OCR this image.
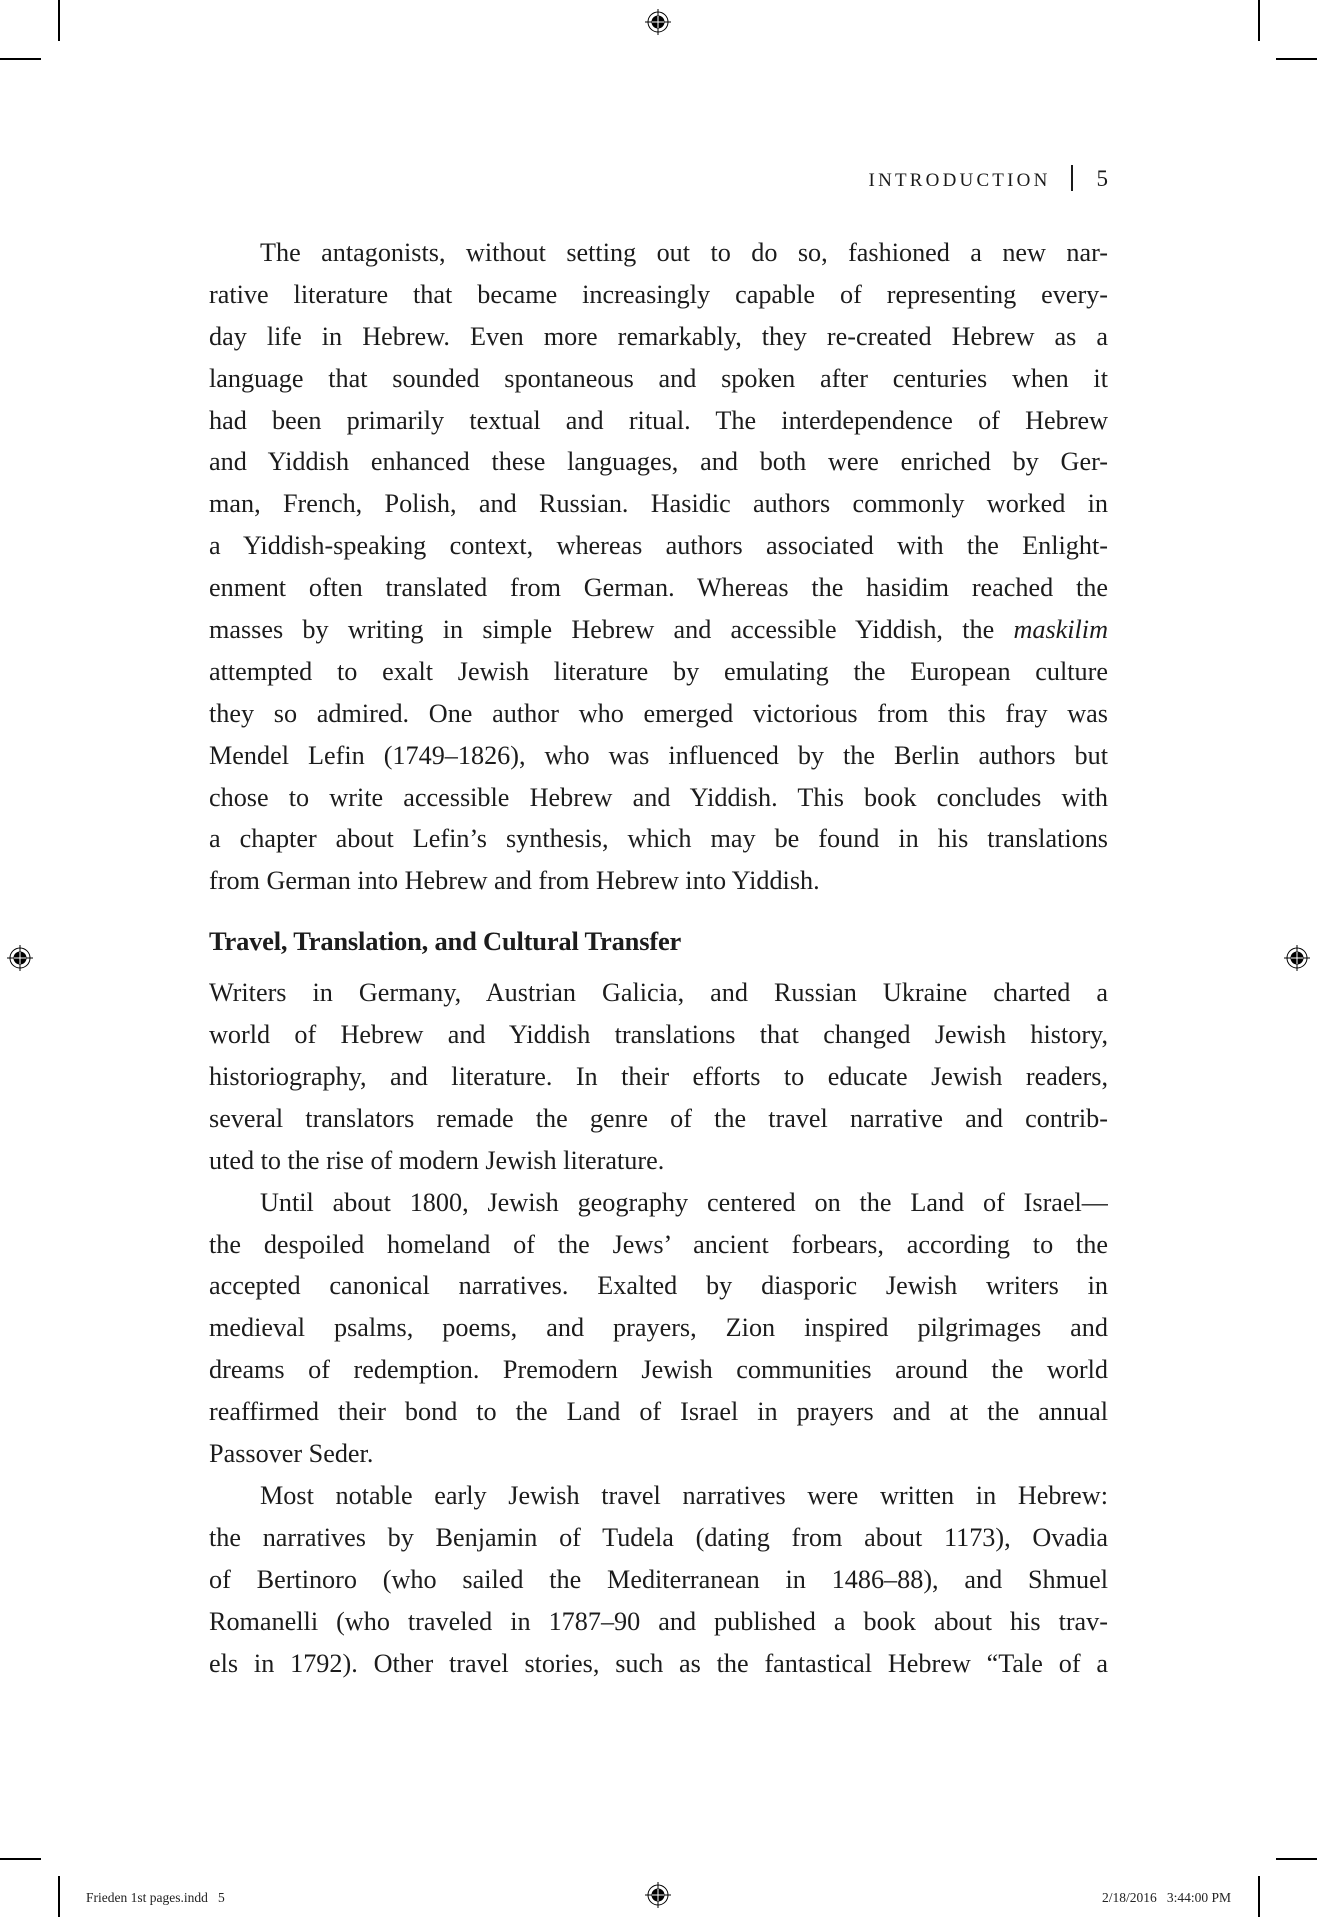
INTRODUCTION 5
The antagonists, without setting out to do so, fashioned a new nar-
rative literature that became increasingly capable of representing every-
day life in Hebrew. Even more remarkably, they re-created Hebrew as a
language that sounded spontaneous and spoken after centuries when it
had been primarily textual and ritual. The interdependence of Hebrew
and Yiddish enhanced these languages, and both were enriched by Ger-
man, French, Polish, and Russian. Hasidic authors commonly worked in
a Yiddish-speaking context, whereas authors associated with the Enlight-
enment often translated from German. Whereas the hasidim reached the
masses by writing in simple Hebrew and accessible Yiddish, the maskilim
attempted to exalt Jewish literature by emulating the European culture
they so admired. One author who emerged victorious from this fray was
Mendel Lefin (1749–1826), who was influenced by the Berlin authors but
chose to write accessible Hebrew and Yiddish. This book concludes with
a chapter about Lefin’s synthesis, which may be found in his translations
from German into Hebrew and from Hebrew into Yiddish.
Travel, Translation, and Cultural Transfer
Writers in Germany, Austrian Galicia, and Russian Ukraine charted a
world of Hebrew and Yiddish translations that changed Jewish history,
historiography, and literature. In their efforts to educate Jewish readers,
several translators remade the genre of the travel narrative and contrib-
uted to the rise of modern Jewish literature.
Until about 1800, Jewish geography centered on the Land of Israel—
the despoiled homeland of the Jews’ ancient forbears, according to the
accepted canonical narratives. Exalted by diasporic Jewish writers in
medieval psalms, poems, and prayers, Zion inspired pilgrimages and
dreams of redemption. Premodern Jewish communities around the world
reaffirmed their bond to the Land of Israel in prayers and at the annual
Passover Seder.
Most notable early Jewish travel narratives were written in Hebrew:
the narratives by Benjamin of Tudela (dating from about 1173), Ovadia
of Bertinoro (who sailed the Mediterranean in 1486–88), and Shmuel
Romanelli (who traveled in 1787–90 and published a book about his trav-
els in 1792). Other travel stories, such as the fantastical Hebrew “Tale of a
Frieden 1st pages.indd   5	2/18/2016   3:44:00 PM
